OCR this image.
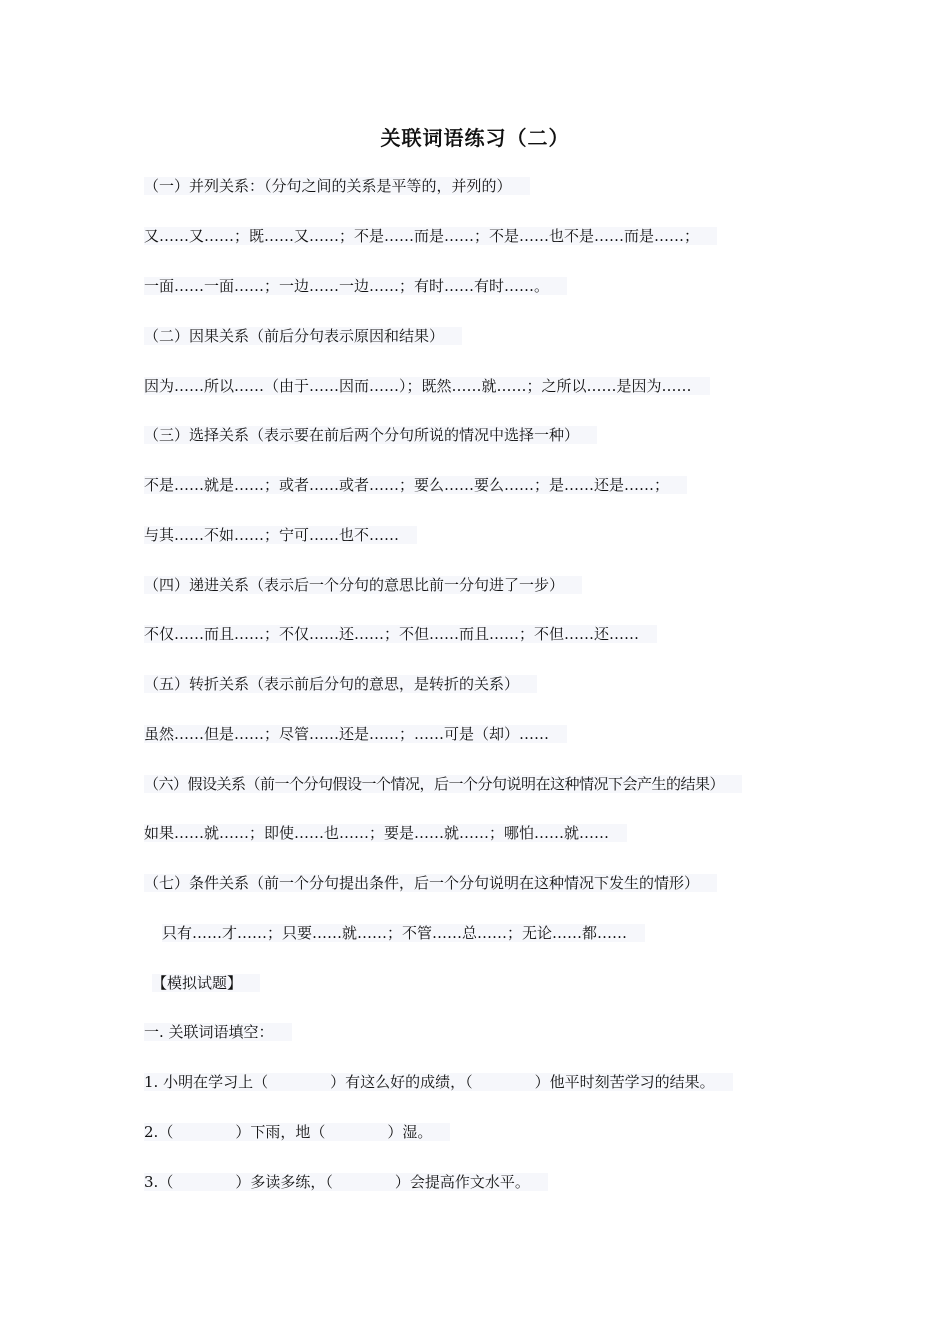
关联词语练习（二）
（一）并列关系：（分句之间的关系是平等的，并列的）
又……又……；既……又……；不是……而是……；不是……也不是……而是……；
一面……一面……；一边……一边……；有时……有时……。
（二）因果关系（前后分句表示原因和结果）
因为……所以……（由于……因而……）；既然……就……；之所以……是因为……
（三）选择关系（表示要在前后两个分句所说的情况中选择一种）
不是……就是……；或者……或者……；要么……要么……；是……还是……；
与其……不如……；宁可……也不……
（四）递进关系（表示后一个分句的意思比前一分句进了一步）
不仅……而且……；不仅……还……；不但……而且……；不但……还……
（五）转折关系（表示前后分句的意思，是转折的关系）
虽然……但是……；尽管……还是……；……可是（却）……
（六）假设关系（前一个分句假设一个情况，后一个分句说明在这种情况下会产生的结果）
如果……就……；即使……也……；要是……就……；哪怕……就……
（七）条件关系（前一个分句提出条件，后一个分句说明在这种情况下发生的情形）
只有……才……；只要……就……；不管……总……；无论……都……
【模拟试题】
一. 关联词语填空：
1. 小明在学习上（	）有这么好的成绩，（	）他平时刻苦学习的结果。
2.（	）下雨，地（	）湿。
3.（	）多读多练，（	）会提高作文水平。
